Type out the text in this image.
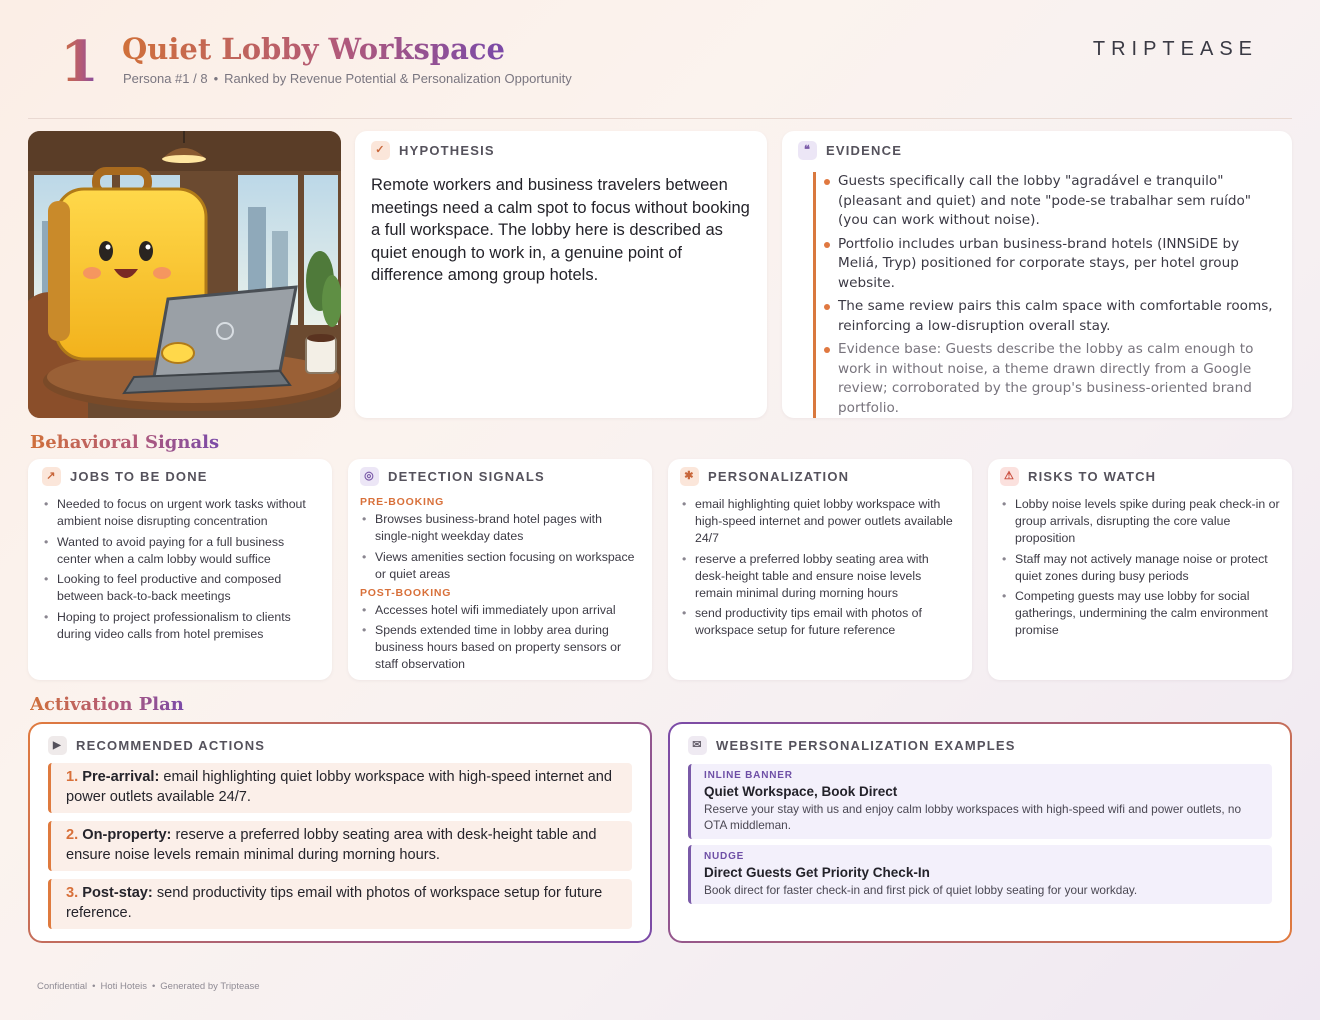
1 Quiet Lobby Workspace
Persona #1 / 8 • Ranked by Revenue Potential & Personalization Opportunity
TRIPTEASE
✓	HYPOTHESIS

Remote workers and business travelers between meetings need a calm spot to focus without booking a full workspace. The lobby here is described as quiet enough to work in, a genuine point of difference among group hotels.

❝	EVIDENCE
Guests specifically call the lobby "agradável e tranquilo" (pleasant and quiet) and note "pode-se trabalhar sem ruído" (you can work without noise).
Portfolio includes urban business-brand hotels (INNSiDE by Meliá, Tryp) positioned for corporate stays, per hotel group website.
The same review pairs this calm space with comfortable rooms, reinforcing a low-disruption overall stay.
Evidence base: Guests describe the lobby as calm enough to work in without noise, a theme drawn directly from a Google review; corroborated by the group's business-oriented brand portfolio.
Behavioral Signals
↗	JOBS TO BE DONE
• Needed to focus on urgent work tasks without ambient noise disrupting concentration
• Wanted to avoid paying for a full business center when a calm lobby would suffice
• Looking to feel productive and composed between back-to-back meetings
• Hoping to project professionalism to clients during video calls from hotel premises
◎	DETECTION SIGNALS
PRE-BOOKING
• Browses business-brand hotel pages with single-night weekday dates
• Views amenities section focusing on workspace or quiet areas
POST-BOOKING
• Accesses hotel wifi immediately upon arrival
• Spends extended time in lobby area during business hours based on property sensors or staff observation
✱	PERSONALIZATION
• email highlighting quiet lobby workspace with high-speed internet and power outlets available 24/7
• reserve a preferred lobby seating area with desk-height table and ensure noise levels remain minimal during morning hours
• send productivity tips email with photos of workspace setup for future reference
⚠ RISKS TO WATCH
• Lobby noise levels spike during peak check-in or group arrivals, disrupting the core value proposition
• Staff may not actively manage noise or protect quiet zones during busy periods
• Competing guests may use lobby for social gatherings, undermining the calm environment promise
Activation Plan
▶	RECOMMENDED ACTIONS
1. Pre-arrival: email highlighting quiet lobby workspace with high-speed internet and power outlets available 24/7.
2. On-property: reserve a preferred lobby seating area with desk-height table and ensure noise levels remain minimal during morning hours.
3. Post-stay: send productivity tips email with photos of workspace setup for future reference.
✉	WEBSITE PERSONALIZATION EXAMPLES
INLINE BANNER
Quiet Workspace, Book Direct
Reserve your stay with us and enjoy calm lobby workspaces with high-speed wifi and power outlets, no OTA middleman.
NUDGE
Direct Guests Get Priority Check-In
Book direct for faster check-in and first pick of quiet lobby seating for your workday.
Confidential • Hoti Hoteis • Generated by Triptease
